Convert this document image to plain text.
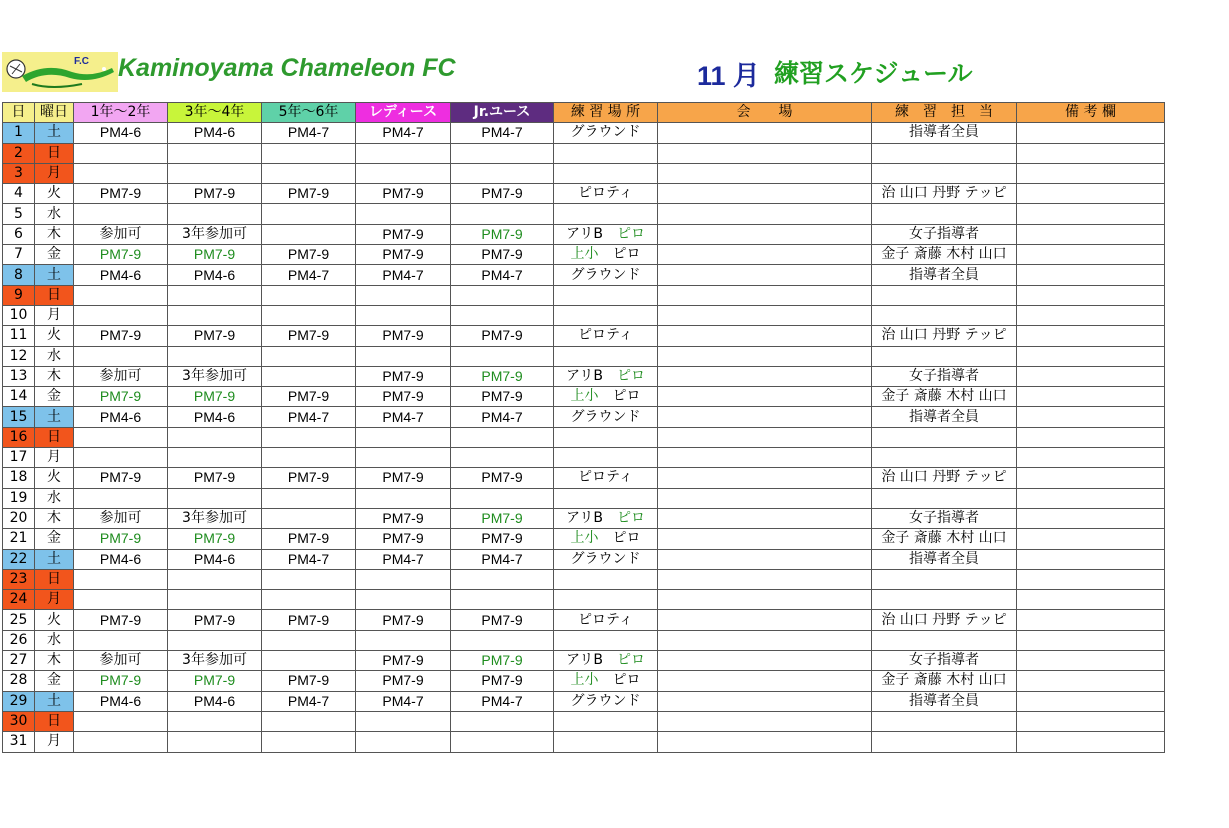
F.C Kaminoyama Chameleon FC	11 月 練習スケジュール
日	曜日	1年～2年	3年～4年	5年～6年	レディース	Jr.ユース	練 習 場 所	会　　場	練　習　担　当	備 考 欄
1	土	PM4-6	PM4-6	PM4-7	PM4-7	PM4-7	グラウンド		指導者全員	
2	日									
3	月									
4	火	PM7-9	PM7-9	PM7-9	PM7-9	PM7-9	ピロティ		治 山口 丹野 テッピ	
5	水									
6	木	参加可	3年参加可		PM7-9	PM7-9	アリB　 ピロ		女子指導者	
7	金	PM7-9	PM7-9	PM7-9	PM7-9	PM7-9	上小　 ピロ		金子 斎藤 木村 山口	
8	土	PM4-6	PM4-6	PM4-7	PM4-7	PM4-7	グラウンド		指導者全員	
9	日									
10	月									
11	火	PM7-9	PM7-9	PM7-9	PM7-9	PM7-9	ピロティ		治 山口 丹野 テッピ	
12	水									
13	木	参加可	3年参加可		PM7-9	PM7-9	アリB　 ピロ		女子指導者	
14	金	PM7-9	PM7-9	PM7-9	PM7-9	PM7-9	上小　 ピロ		金子 斎藤 木村 山口	
15	土	PM4-6	PM4-6	PM4-7	PM4-7	PM4-7	グラウンド		指導者全員	
16	日									
17	月									
18	火	PM7-9	PM7-9	PM7-9	PM7-9	PM7-9	ピロティ		治 山口 丹野 テッピ	
19	水									
20	木	参加可	3年参加可		PM7-9	PM7-9	アリB　 ピロ		女子指導者	
21	金	PM7-9	PM7-9	PM7-9	PM7-9	PM7-9	上小　 ピロ		金子 斎藤 木村 山口	
22	土	PM4-6	PM4-6	PM4-7	PM4-7	PM4-7	グラウンド		指導者全員	
23	日									
24	月									
25	火	PM7-9	PM7-9	PM7-9	PM7-9	PM7-9	ピロティ		治 山口 丹野 テッピ	
26	水									
27	木	参加可	3年参加可		PM7-9	PM7-9	アリB　 ピロ		女子指導者	
28	金	PM7-9	PM7-9	PM7-9	PM7-9	PM7-9	上小　 ピロ		金子 斎藤 木村 山口	
29	土	PM4-6	PM4-6	PM4-7	PM4-7	PM4-7	グラウンド		指導者全員	
30	日									
31	月									
